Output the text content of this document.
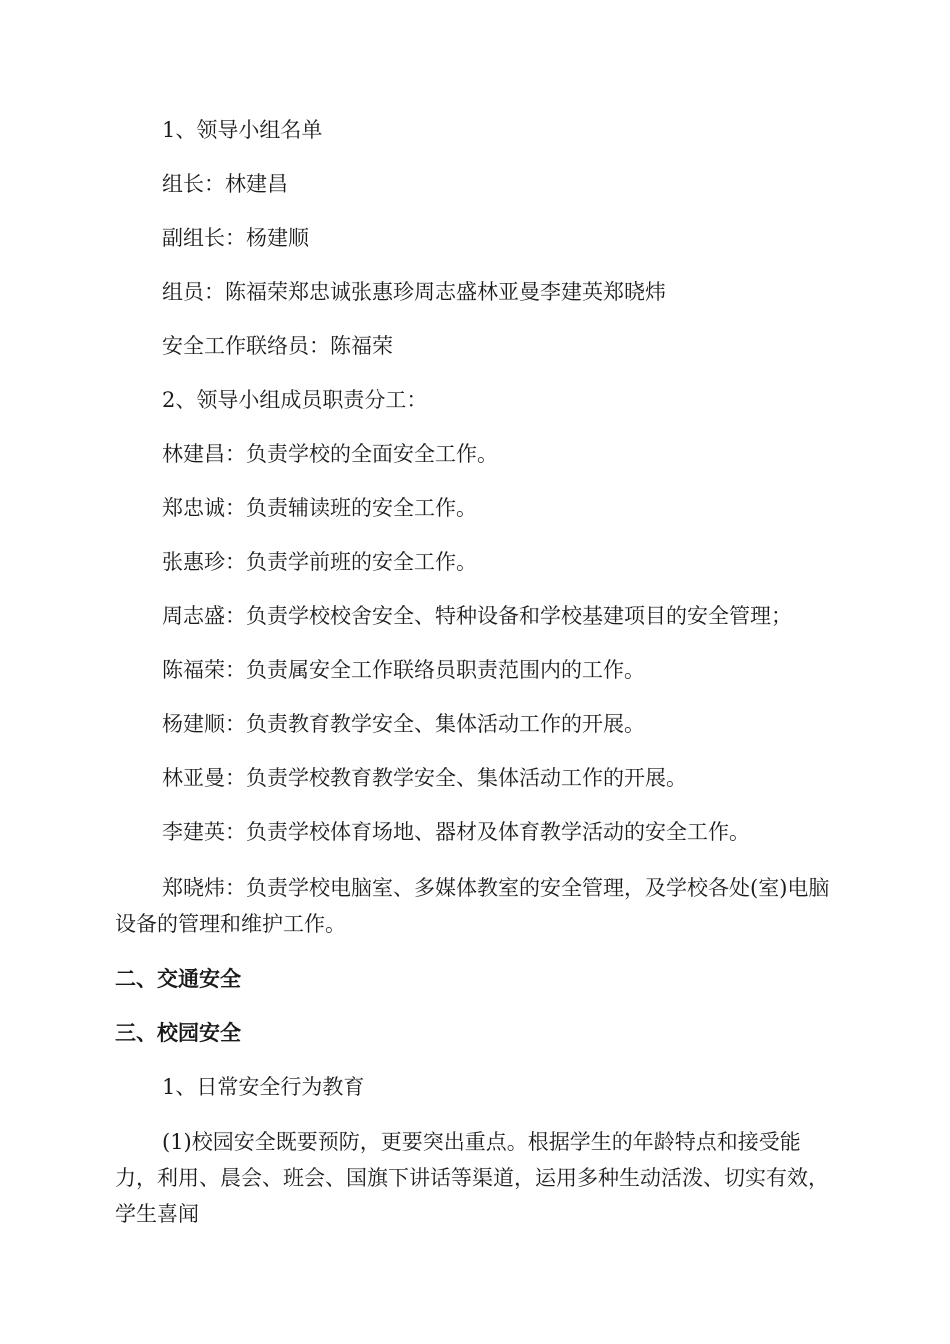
1、领导小组名单
组长：林建昌
副组长：杨建顺
组员：陈福荣郑忠诚张惠珍周志盛林亚曼李建英郑晓炜
安全工作联络员：陈福荣
2、领导小组成员职责分工：
林建昌：负责学校的全面安全工作。
郑忠诚：负责辅读班的安全工作。
张惠珍：负责学前班的安全工作。
周志盛：负责学校校舍安全、特种设备和学校基建项目的安全管理；
陈福荣：负责属安全工作联络员职责范围内的工作。
杨建顺：负责教育教学安全、集体活动工作的开展。
林亚曼：负责学校教育教学安全、集体活动工作的开展。
李建英：负责学校体育场地、器材及体育教学活动的安全工作。
郑晓炜：负责学校电脑室、多媒体教室的安全管理，及学校各处(室)电脑设备的管理和维护工作。
二、交通安全
三、校园安全
1、日常安全行为教育
(1)校园安全既要预防，更要突出重点。根据学生的年龄特点和接受能力，利用、晨会、班会、国旗下讲话等渠道，运用多种生动活泼、切实有效，学生喜闻
